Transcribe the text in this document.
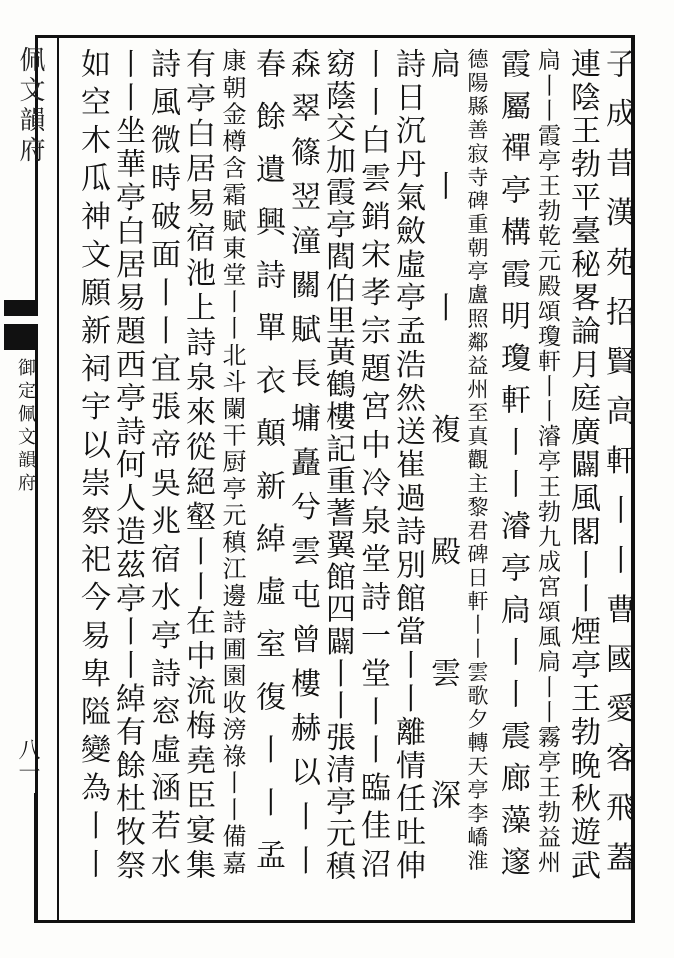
佩文韻府
御定佩文韻府
八一	子成昔漢苑招賢高軒丨丨曹國愛客飛蓋
連陰王勃平臺秘畧論月庭廣闢風閣丨丨煙亭王勃晚秋遊武
扃丨丨霞亭王勃乾元殿頌瓊軒丨丨濬亭王勃九成宮頌風扃丨丨霧亭王勃益州
霞屬禪亭構霞明瓊軒丨丨濬亭扃丨丨震廊藻邃
德陽縣善寂寺碑重朝亭盧照鄰益州至真觀主黎君碑日軒丨丨雲歌夕轉天亭李嶠淮
扃丨丨複殿雲深
詩日沉丹氣斂虛亭孟浩然送崔過詩別館當丨丨離情任吐伸
丨丨白雲銷宋孝宗題宮中冷泉堂詩一堂丨丨臨佳沼
窈蔭交加霞亭閻伯里黃鶴樓記重蓍翼館四闢丨丨張清亭元稹
森翠篠翌潼關賦長墉矗兮雲屯曾樓赫以丨丨
春餘遺興詩單衣顛新綽虛室復丨丨孟
康朝金樽含霜賦東堂丨丨北斗闌干厨亭元稹江邊詩圃園收滂祿丨丨備嘉
有亭白居易宿池上詩泉來從絕壑丨丨在中流梅堯臣宴集
詩風微時破面丨丨宜張帝吳兆宿水亭詩窓虛涵若水
丨丨坐華亭白居易題西亭詩何人造茲亭丨丨綽有餘杜牧祭
如空木瓜神文願新祠宇以崇祭祀今易卑隘變為丨丨
